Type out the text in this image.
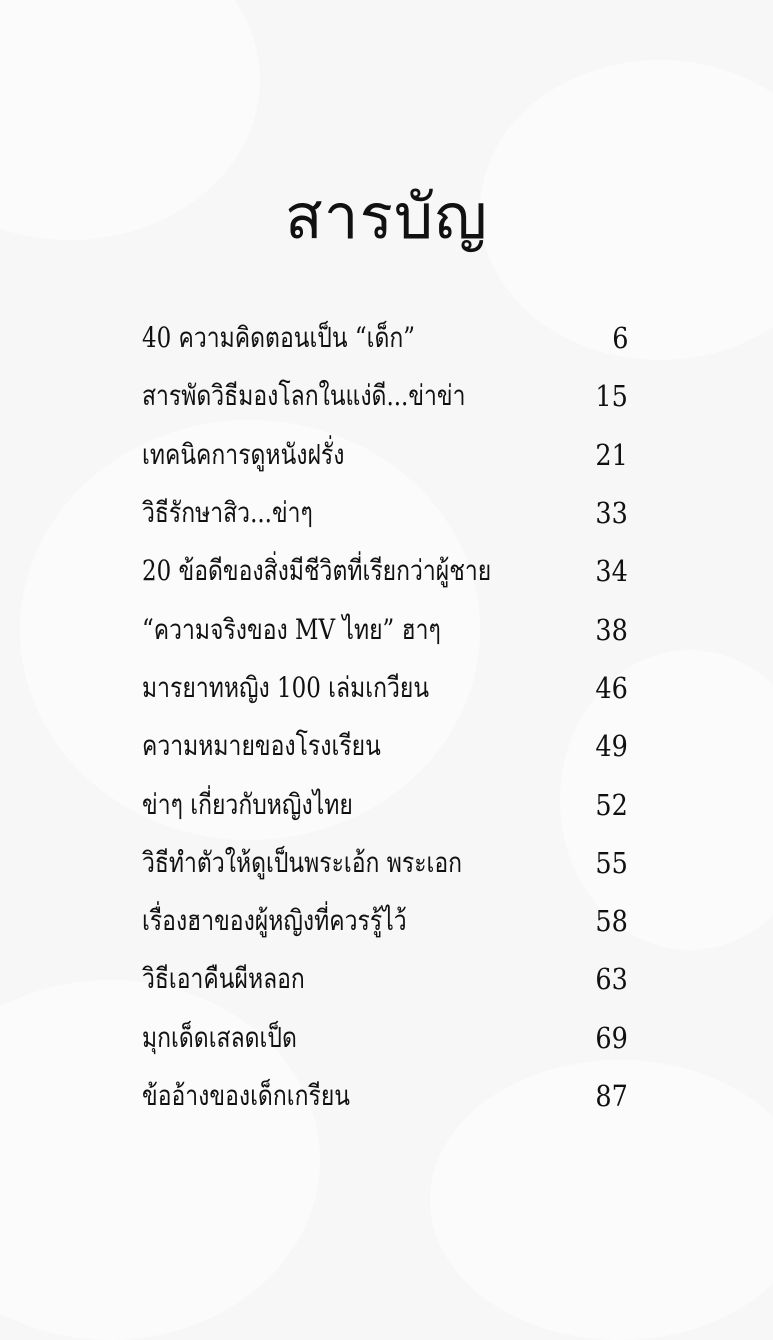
สารบัญ
40 ความคิดตอนเป็น “เด็ก”	6
สารพัดวิธีมองโลกในแง่ดี...ข่าข่า	15
เทคนิคการดูหนังฝรั่ง	21
วิธีรักษาสิว...ข่าๆ	33
20 ข้อดีของสิ่งมีชีวิตที่เรียกว่าผู้ชาย	34
“ความจริงของ MV ไทย” ฮาๆ	38
มารยาทหญิง 100 เล่มเกวียน	46
ความหมายของโรงเรียน	49
ข่าๆ เกี่ยวกับหญิงไทย	52
วิธีทำตัวให้ดูเป็นพระเอ้ก พระเอก	55
เรื่องฮาของผู้หญิงที่ควรรู้ไว้	58
วิธีเอาคืนผีหลอก	63
มุกเด็ดเสลดเป็ด	69
ข้ออ้างของเด็กเกรียน	87
